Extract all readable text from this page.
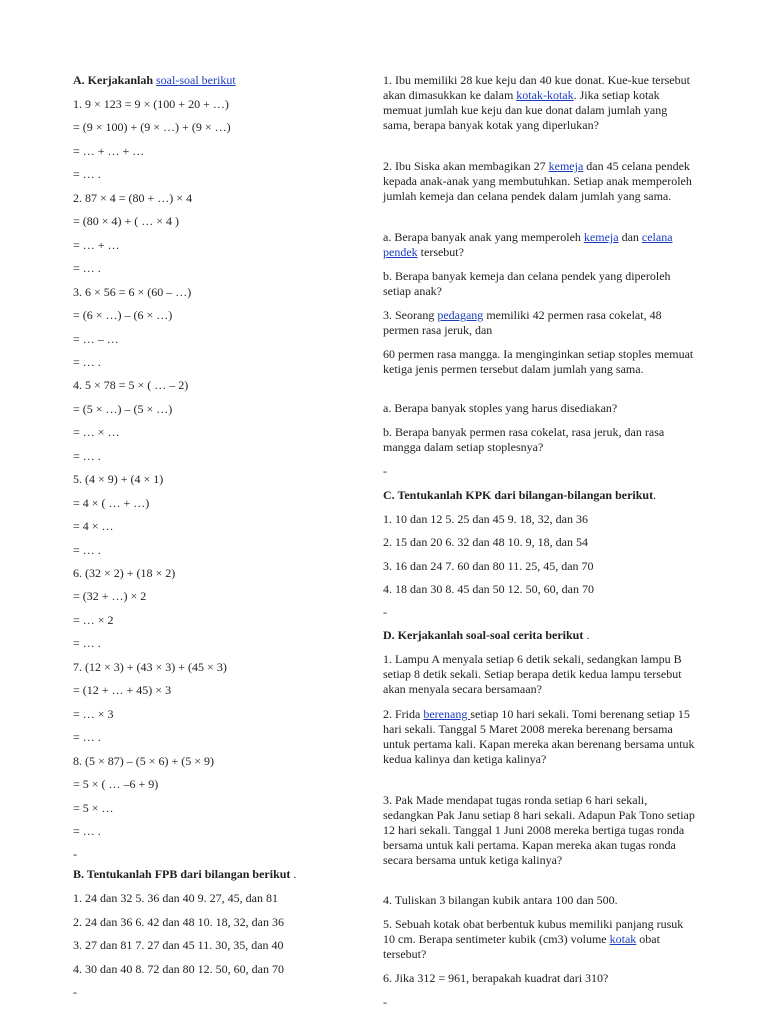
A. Kerjakanlah soal-soal berikut
1. 9 × 123 = 9 × (100 + 20 + …)
= (9 × 100) + (9 × …) + (9 × …)
= … + … + …
= … .
2. 87 × 4 = (80 + …) × 4
= (80 × 4) + ( … × 4 )
= … + …
= … .
3. 6 × 56 = 6 × (60 – …)
= (6 × …) – (6 × …)
= … – …
= … .
4. 5 × 78 = 5 × ( … – 2)
= (5 × …) – (5 × …)
= … × …
= … .
5. (4 × 9) + (4 × 1)
= 4 × ( … + …)
= 4 × …
= … .
6. (32 × 2) + (18 × 2)
= (32 + …) × 2
= … × 2
= … .
7. (12 × 3) + (43 × 3) + (45 × 3)
= (12 + … + 45) × 3
= … × 3
= … .
8. (5 × 87) – (5 × 6) + (5 × 9)
= 5 × ( … –6 + 9)
= 5 × …
= … .
-
B. Tentukanlah FPB dari bilangan berikut .
1. 24 dan 32 5. 36 dan 40 9. 27, 45, dan 81
2. 24 dan 36 6. 42 dan 48 10. 18, 32, dan 36
3. 27 dan 81 7. 27 dan 45 11. 30, 35, dan 40
4. 30 dan 40 8. 72 dan 80 12. 50, 60, dan 70
-
1. Ibu memiliki 28 kue keju dan 40 kue donat. Kue-kue tersebut akan dimasukkan ke dalam kotak-kotak. Jika setiap kotak memuat jumlah kue keju dan kue donat dalam jumlah yang sama, berapa banyak kotak yang diperlukan?
2. Ibu Siska akan membagikan 27 kemeja dan 45 celana pendek kepada anak-anak yang membutuhkan. Setiap anak memperoleh jumlah kemeja dan celana pendek dalam jumlah yang sama.
a. Berapa banyak anak yang memperoleh kemeja dan celana pendek tersebut?
b. Berapa banyak kemeja dan celana pendek yang diperoleh setiap anak?
3. Seorang pedagang memiliki 42 permen rasa cokelat, 48 permen rasa jeruk, dan
60 permen rasa mangga. Ia menginginkan setiap stoples memuat ketiga jenis permen tersebut dalam jumlah yang sama.
a. Berapa banyak stoples yang harus disediakan?
b. Berapa banyak permen rasa cokelat, rasa jeruk, dan rasa mangga dalam setiap stoplesnya?
-
C. Tentukanlah KPK dari bilangan-bilangan berikut.
1. 10 dan 12 5. 25 dan 45 9. 18, 32, dan 36
2. 15 dan 20 6. 32 dan 48 10. 9, 18, dan 54
3. 16 dan 24 7. 60 dan 80 11. 25, 45, dan 70
4. 18 dan 30 8. 45 dan 50 12. 50, 60, dan 70
-
D. Kerjakanlah soal-soal cerita berikut .
1. Lampu A menyala setiap 6 detik sekali, sedangkan lampu B setiap 8 detik sekali. Setiap berapa detik kedua lampu tersebut akan menyala secara bersamaan?
2. Frida berenang setiap 10 hari sekali. Tomi berenang setiap 15 hari sekali. Tanggal 5 Maret 2008 mereka berenang bersama untuk pertama kali. Kapan mereka akan berenang bersama untuk kedua kalinya dan ketiga kalinya?
3. Pak Made mendapat tugas ronda setiap 6 hari sekali, sedangkan Pak Janu setiap 8 hari sekali. Adapun Pak Tono setiap 12 hari sekali. Tanggal 1 Juni 2008 mereka bertiga tugas ronda bersama untuk kali pertama. Kapan mereka akan tugas ronda secara bersama untuk ketiga kalinya?
4. Tuliskan 3 bilangan kubik antara 100 dan 500.
5. Sebuah kotak obat berbentuk kubus memiliki panjang rusuk 10 cm. Berapa sentimeter kubik (cm3) volume kotak obat tersebut?
6. Jika 312 = 961, berapakah kuadrat dari 310?
-
